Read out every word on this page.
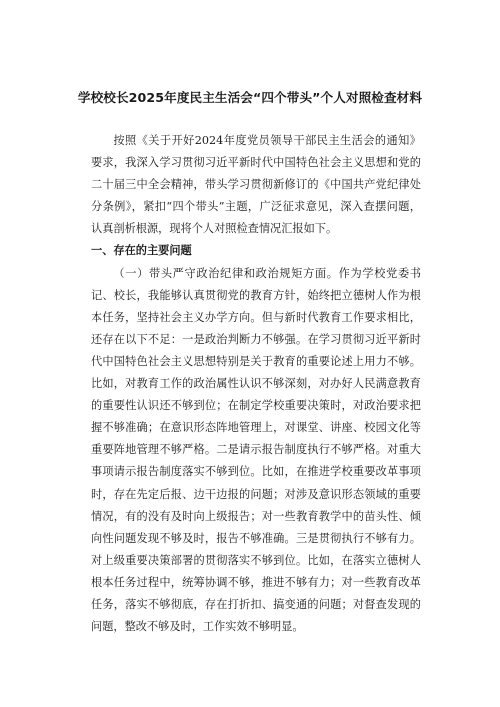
学校校长2025年度民主生活会“四个带头”个人对照检查材料

按照《关于开好2024年度党员领导干部民主生活会的通知》要求，我深入学习贯彻习近平新时代中国特色社会主义思想和党的二十届三中全会精神，带头学习贯彻新修订的《中国共产党纪律处分条例》，紧扣“四个带头”主题，广泛征求意见，深入查摆问题，认真剖析根源，现将个人对照检查情况汇报如下。

一、存在的主要问题

（一）带头严守政治纪律和政治规矩方面。作为学校党委书记、校长，我能够认真贯彻党的教育方针，始终把立德树人作为根本任务，坚持社会主义办学方向。但与新时代教育工作要求相比，还存在以下不足：一是政治判断力不够强。在学习贯彻习近平新时代中国特色社会主义思想特别是关于教育的重要论述上用力不够。比如，对教育工作的政治属性认识不够深刻，对办好人民满意教育的重要性认识还不够到位；在制定学校重要决策时，对政治要求把握不够准确；在意识形态阵地管理上，对课堂、讲座、校园文化等重要阵地管理不够严格。二是请示报告制度执行不够严格。对重大事项请示报告制度落实不够到位。比如，在推进学校重要改革事项时，存在先定后报、边干边报的问题；对涉及意识形态领域的重要情况，有的没有及时向上级报告；对一些教育教学中的苗头性、倾向性问题发现不够及时，报告不够准确。三是贯彻执行不够有力。对上级重要决策部署的贯彻落实不够到位。比如，在落实立德树人根本任务过程中，统筹协调不够，推进不够有力；对一些教育改革任务，落实不够彻底，存在打折扣、搞变通的问题；对督查发现的问题，整改不够及时，工作实效不够明显。
